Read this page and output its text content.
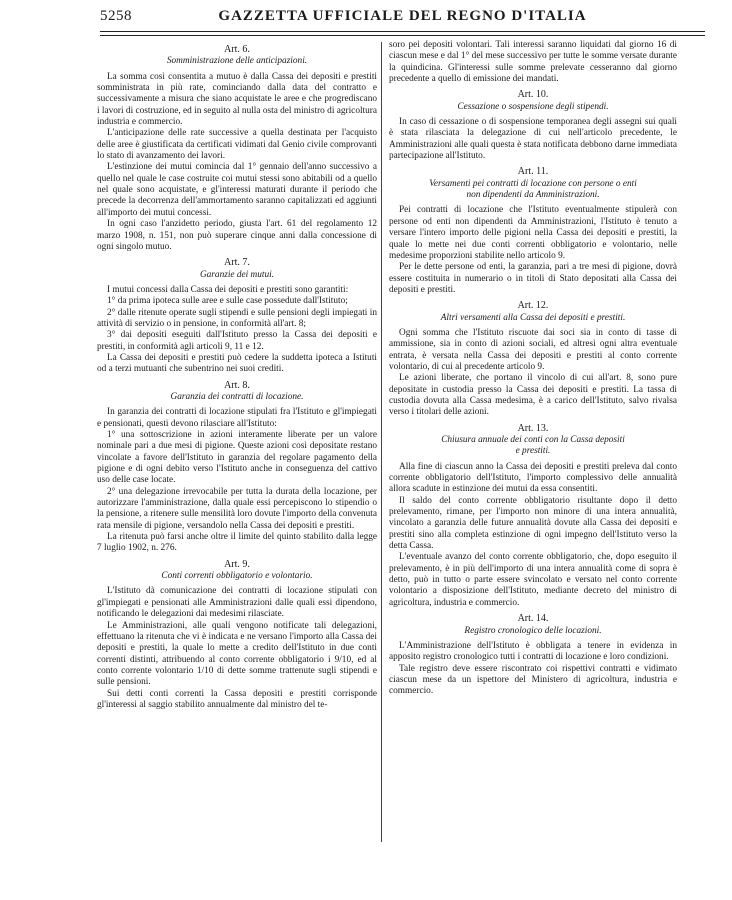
5258	GAZZETTA UFFICIALE DEL REGNO D'ITALIA
Art. 6.
Somministrazione delle anticipazioni.

La somma così consentita a mutuo è dalla Cassa dei depositi e prestiti somministrata in più rate, cominciando dalla data del contratto e successivamente a misura che siano acquistate le aree e che progrediscano i lavori di costruzione, ed in seguito al nulla osta del ministro di agricoltura industria e commercio.

L'anticipazione delle rate successive a quella destinata per l'acquisto delle aree è giustificata da certificati vidimati dal Genio civile comprovanti lo stato di avanzamento dei lavori.

L'estinzione dei mutui comincia dal 1° gennaio dell'anno successivo a quello nel quale le case costruite coi mutui stessi sono abitabili od a quello nel quale sono acquistate, e gl'interessi maturati durante il periodo che precede la decorrenza dell'ammortamento saranno capitalizzati ed aggiunti all'importo dei mutui concessi.

In ogni caso l'anzidetto periodo, giusta l'art. 61 del regolamento 12 marzo 1908, n. 151, non può superare cinque anni dalla concessione di ogni singolo mutuo.

Art. 7.
Garanzie dei mutui.

I mutui concessi dalla Cassa dei depositi e prestiti sono garantiti:

1° da prima ipoteca sulle aree e sulle case possedute dall'Istituto;

2° dalle ritenute operate sugli stipendi e sulle pensioni degli impiegati in attività di servizio o in pensione, in conformità all'art. 8;

3° dai depositi eseguiti dall'Istituto presso la Cassa dei depositi e prestiti, in conformità agli articoli 9, 11 e 12.

La Cassa dei depositi e prestiti può cedere la suddetta ipoteca a Istituti od a terzi mutuanti che subentrino nei suoi crediti.

Art. 8.
Garanzia dei contratti di locazione.

In garanzia dei contratti di locazione stipulati fra l'Istituto e gl'impiegati e pensionati, questi devono rilasciare all'Istituto:

1° una sottoscrizione in azioni interamente liberate per un valore nominale pari a due mesi di pigione. Queste azioni così depositate restano vincolate a favore dell'Istituto in garanzia del regolare pagamento della pigione e di ogni debito verso l'Istituto anche in conseguenza del cattivo uso delle case locate.

2° una delegazione irrevocabile per tutta la durata della locazione, per autorizzare l'amministrazione, dalla quale essi percepiscono lo stipendio o la pensione, a ritenere sulle mensilità loro dovute l'importo della convenuta rata mensile di pigione, versandolo nella Cassa dei depositi e prestiti.

La ritenuta può farsi anche oltre il limite del quinto stabilito dalla legge 7 luglio 1902, n. 276.

Art. 9.
Conti correnti obbligatorio e volontario.

L'Istituto dà comunicazione dei contratti di locazione stipulati con gl'impiegati e pensionati alle Amministrazioni dalle quali essi dipendono, notificando le delegazioni dai medesimi rilasciate.

Le Amministrazioni, alle quali vengono notificate tali delegazioni, effettuano la ritenuta che vi è indicata e ne versano l'importo alla Cassa dei depositi e prestiti, la quale lo mette a credito dell'Istituto in due conti correnti distinti, attribuendo al conto corrente obbligatorio i 9/10, ed al conto corrente volontario 1/10 di dette somme trattenute sugli stipendi e sulle pensioni.

Sui detti conti correnti la Cassa depositi e prestiti corrisponde gl'interessi al saggio stabilito annualmente dal ministro del te-

soro pei depositi volontari. Tali interessi saranno liquidati dal giorno 16 di ciascun mese e dal 1° del mese successivo per tutte le somme versate durante la quindicina. Gl'interessi sulle somme prelevate cesseranno dal giorno precedente a quello di emissione dei mandati.

Art. 10.
Cessazione o sospensione degli stipendi.

In caso di cessazione o di sospensione temporanea degli assegni sui quali è stata rilasciata la delegazione di cui nell'articolo precedente, le Amministrazioni alle quali questa è stata notificata debbono darne immediata partecipazione all'Istituto.

Art. 11.
Versamenti pei contratti di locazione con persone o enti
non dipendenti da Amministrazioni.

Pei contratti di locazione che l'Istituto eventualmente stipulerà con persone od enti non dipendenti da Amministrazioni, l'Istituto è tenuto a versare l'intero importo delle pigioni nella Cassa dei depositi e prestiti, la quale lo mette nei due conti correnti obbligatorio e volontario, nelle medesime proporzioni stabilite nello articolo 9.

Per le dette persone od enti, la garanzia, pari a tre mesi di pigione, dovrà essere costituita in numerario o in titoli di Stato depositati alla Cassa dei depositi e prestiti.

Art. 12.
Altri versamenti alla Cassa dei depositi e prestiti.

Ogni somma che l'Istituto riscuote dai soci sia in conto di tasse di ammissione, sia in conto di azioni sociali, ed altresì ogni altra eventuale entrata, è versata nella Cassa dei depositi e prestiti al conto corrente volontario, di cui al precedente articolo 9.

Le azioni liberate, che portano il vincolo di cui all'art. 8, sono pure depositate in custodia presso la Cassa dei depositi e prestiti. La tassa di custodia dovuta alla Cassa medesima, è a carico dell'Istituto, salvo rivalsa verso i titolari delle azioni.

Art. 13.
Chiusura annuale dei conti con la Cassa depositi
e prestiti.

Alla fine di ciascun anno la Cassa dei depositi e prestiti preleva dal conto corrente obbligatorio dell'Istituto, l'importo complessivo delle annualità allora scadute in estinzione dei mutui da essa consentiti.

Il saldo del conto corrente obbligatorio risultante dopo il detto prelevamento, rimane, per l'importo non minore di una intera annualità, vincolato a garanzia delle future annualità dovute alla Cassa dei depositi e prestiti sino alla completa estinzione di ogni impegno dell'Istituto verso la detta Cassa.

L'eventuale avanzo del conto corrente obbligatorio, che, dopo eseguito il prelevamento, è in più dell'importo di una intera annualità come di sopra è detto, può in tutto o parte essere svincolato e versato nel conto corrente volontario a disposizione dell'Istituto, mediante decreto del ministro di agricoltura, industria e commercio.

Art. 14.
Registro cronologico delle locazioni.

L'Amministrazione dell'Istituto è obbligata a tenere in evidenza in apposito registro cronologico tutti i contratti di locazione e loro condizioni.

Tale registro deve essere riscontrato coi rispettivi contratti e vidimato ciascun mese da un ispettore del Ministero di agricoltura, industria e commercio.
